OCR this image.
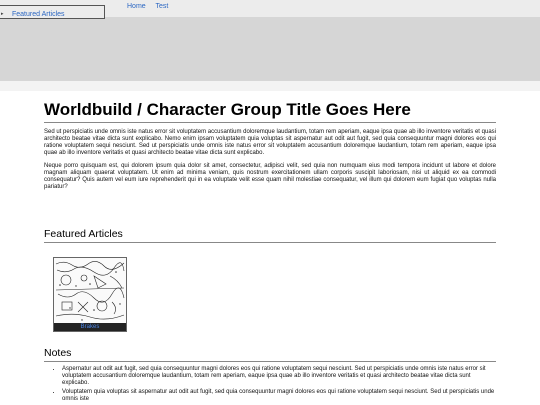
▸ Featured Articles
Home Test
Worldbuild / Character Group Title Goes Here

Sed ut perspiciatis unde omnis iste natus error sit voluptatem accusantium doloremque laudantium, totam rem aperiam, eaque ipsa quae ab illo inventore veritatis et quasi architecto beatae vitae dicta sunt explicabo. Nemo enim ipsam voluptatem quia voluptas sit aspernatur aut odit aut fugit, sed quia consequuntur magni dolores eos qui ratione voluptatem sequi nesciunt. Sed ut perspiciatis unde omnis iste natus error sit voluptatem accusantium doloremque laudantium, totam rem aperiam, eaque ipsa quae ab illo inventore veritatis et quasi architecto beatae vitae dicta sunt explicabo.

Neque porro quisquam est, qui dolorem ipsum quia dolor sit amet, consectetur, adipisci velit, sed quia non numquam eius modi tempora incidunt ut labore et dolore magnam aliquam quaerat voluptatem. Ut enim ad minima veniam, quis nostrum exercitationem ullam corporis suscipit laboriosam, nisi ut aliquid ex ea commodi consequatur? Quis autem vel eum iure reprehenderit qui in ea voluptate velit esse quam nihil molestiae consequatur, vel illum qui dolorem eum fugiat quo voluptas nulla pariatur?

Featured Articles
Brakes
Notes
• Aspernatur aut odit aut fugit, sed quia consequuntur magni dolores eos qui ratione voluptatem sequi nesciunt. Sed ut perspiciatis unde omnis iste natus error sit voluptatem accusantium doloremque laudantium, totam rem aperiam, eaque ipsa quae ab illo inventore veritatis et quasi architecto beatae vitae dicta sunt explicabo.
• Voluptatem quia voluptas sit aspernatur aut odit aut fugit, sed quia consequuntur magni dolores eos qui ratione voluptatem sequi nesciunt. Sed ut perspiciatis unde omnis iste
